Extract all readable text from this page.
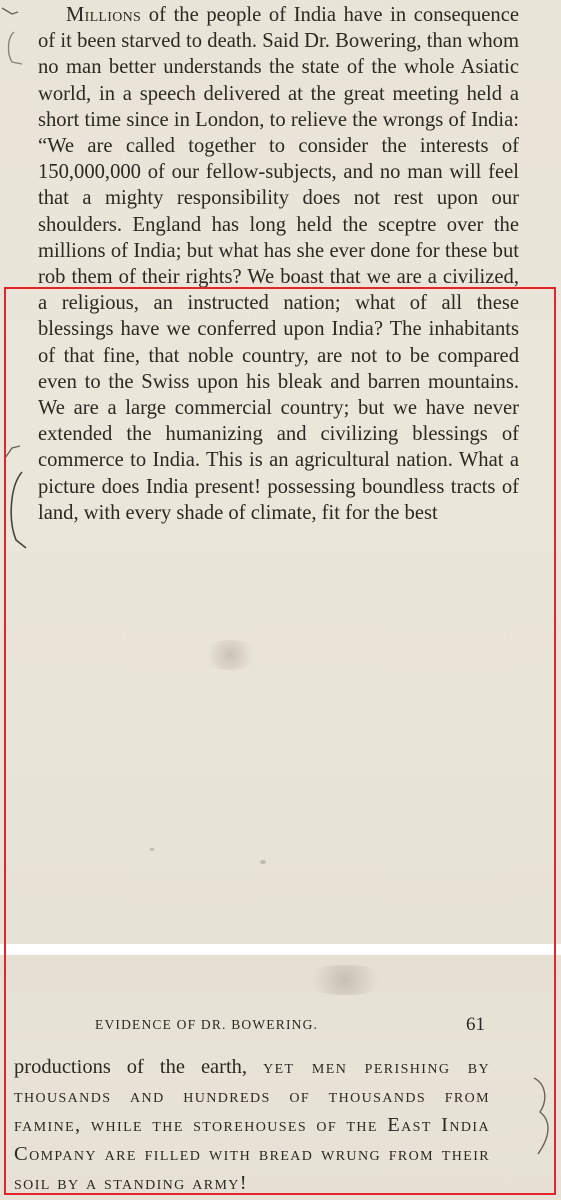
Millions of the people of India have in consequence of it been starved to death. Said Dr. Bowering, than whom no man better understands the state of the whole Asiatic world, in a speech delivered at the great meeting held a short time since in London, to relieve the wrongs of India: “We are called together to consider the interests of 150,000,000 of our fellow-subjects, and no man will feel that a mighty responsibility does not rest upon our shoulders. England has long held the sceptre over the millions of India; but what has she ever done for these but rob them of their rights? We boast that we are a civilized, a religious, an instructed nation; what of all these blessings have we conferred upon India? The inhabitants of that fine, that noble country, are not to be compared even to the Swiss upon his bleak and barren mountains. We are a large commercial country; but we have never extended the humanizing and civilizing blessings of commerce to India. This is an agricultural nation. What a picture does India present! possessing boundless tracts of land, with every shade of climate, fit for the best

EVIDENCE OF DR. BOWERING.	61

productions of the earth, yet men perishing by thousands and hundreds of thousands from famine, while the storehouses of the East India Company are filled with bread wrung from their soil by a standing army!
